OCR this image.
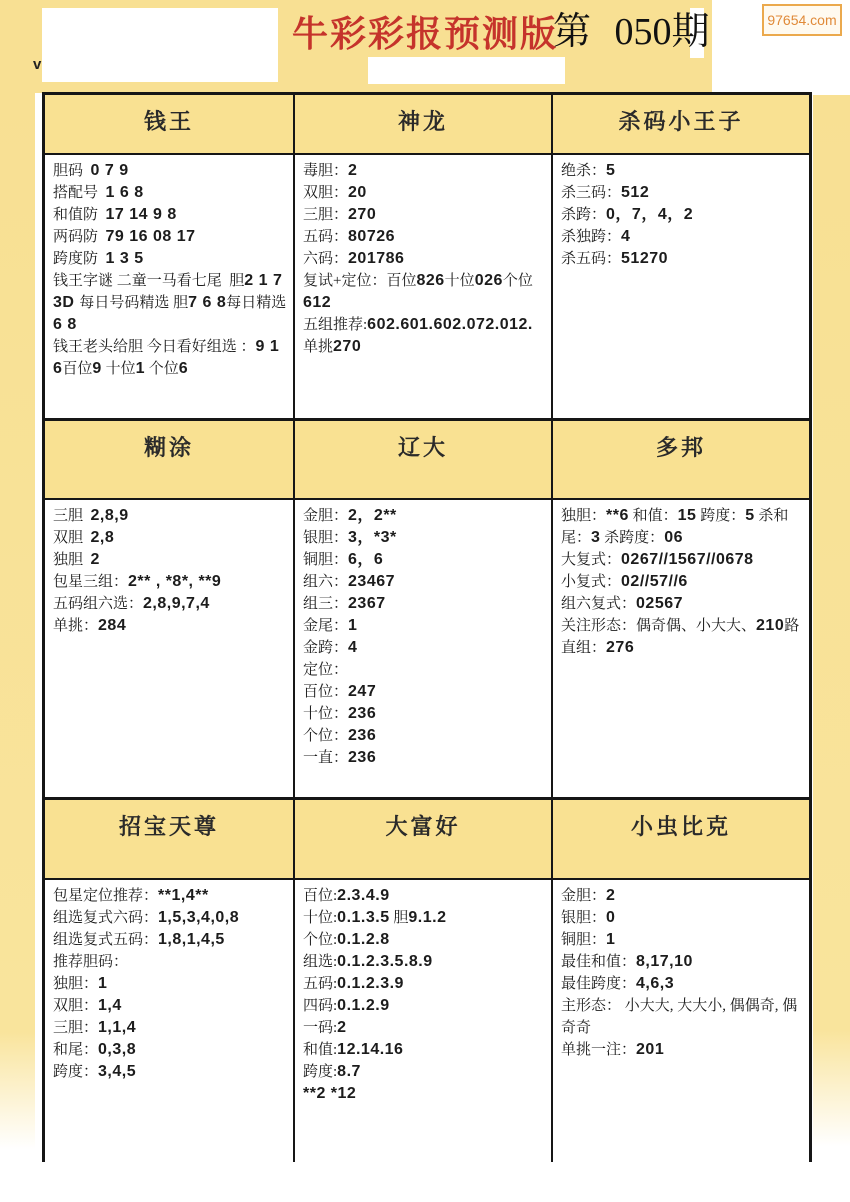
v
牛彩彩报预测版
第 050期	97654.com
钱王	神龙	杀码小王子
胆码  0 7 9
搭配号  1 6 8
和值防  17 14 9 8
两码防  79 16 08 17
跨度防  1 3 5
钱王字谜 二童一马看七尾  胆2 1 7
3D 每日号码精选 胆7 6 8每日精选 6 8
钱王老头给胆 今日看好组选 ：9 1 6百位9 十位1 个位6
毒胆：2
双胆：20
三胆：270
五码：80726
六码：201786
复试+定位：百位826十位026个位612
五组推荐:602.601.602.072.012.
单挑270
绝杀：5
杀三码：512
杀跨：0，7，4，2
杀独跨：4
杀五码：51270
糊涂	辽大	多邦
三胆  2,8,9
双胆  2,8
独胆  2
包星三组：2** , *8*, **9
五码组六选：2,8,9,7,4
单挑：284
金胆：2，2**
银胆：3，*3*
铜胆：6，6
组六：23467
组三：2367
金尾：1
金跨：4
定位：
百位：247
十位：236
个位：236
一直：236
独胆：**6 和值：15 跨度：5 杀和尾：3 杀跨度：06
大复式：0267//1567//0678
小复式：02//57//6
组六复式：02567
关注形态：偶奇偶、小大大、210路
直组：276
招宝天尊	大富好	小虫比克
包星定位推荐：**1,4**
组选复式六码：1,5,3,4,0,8
组选复式五码：1,8,1,4,5
推荐胆码：
独胆：1
双胆：1,4
三胆：1,1,4
和尾：0,3,8
跨度：3,4,5
百位:2.3.4.9
十位:0.1.3.5 胆9.1.2
个位:0.1.2.8
组选:0.1.2.3.5.8.9
五码:0.1.2.3.9
四码:0.1.2.9
一码:2
和值:12.14.16
跨度:8.7
**2 *12
金胆：2
银胆：0
铜胆：1
最佳和值：8,17,10
最佳跨度：4,6,3
主形态： 小大大, 大大小, 偶偶奇, 偶奇奇
单挑一注：201
